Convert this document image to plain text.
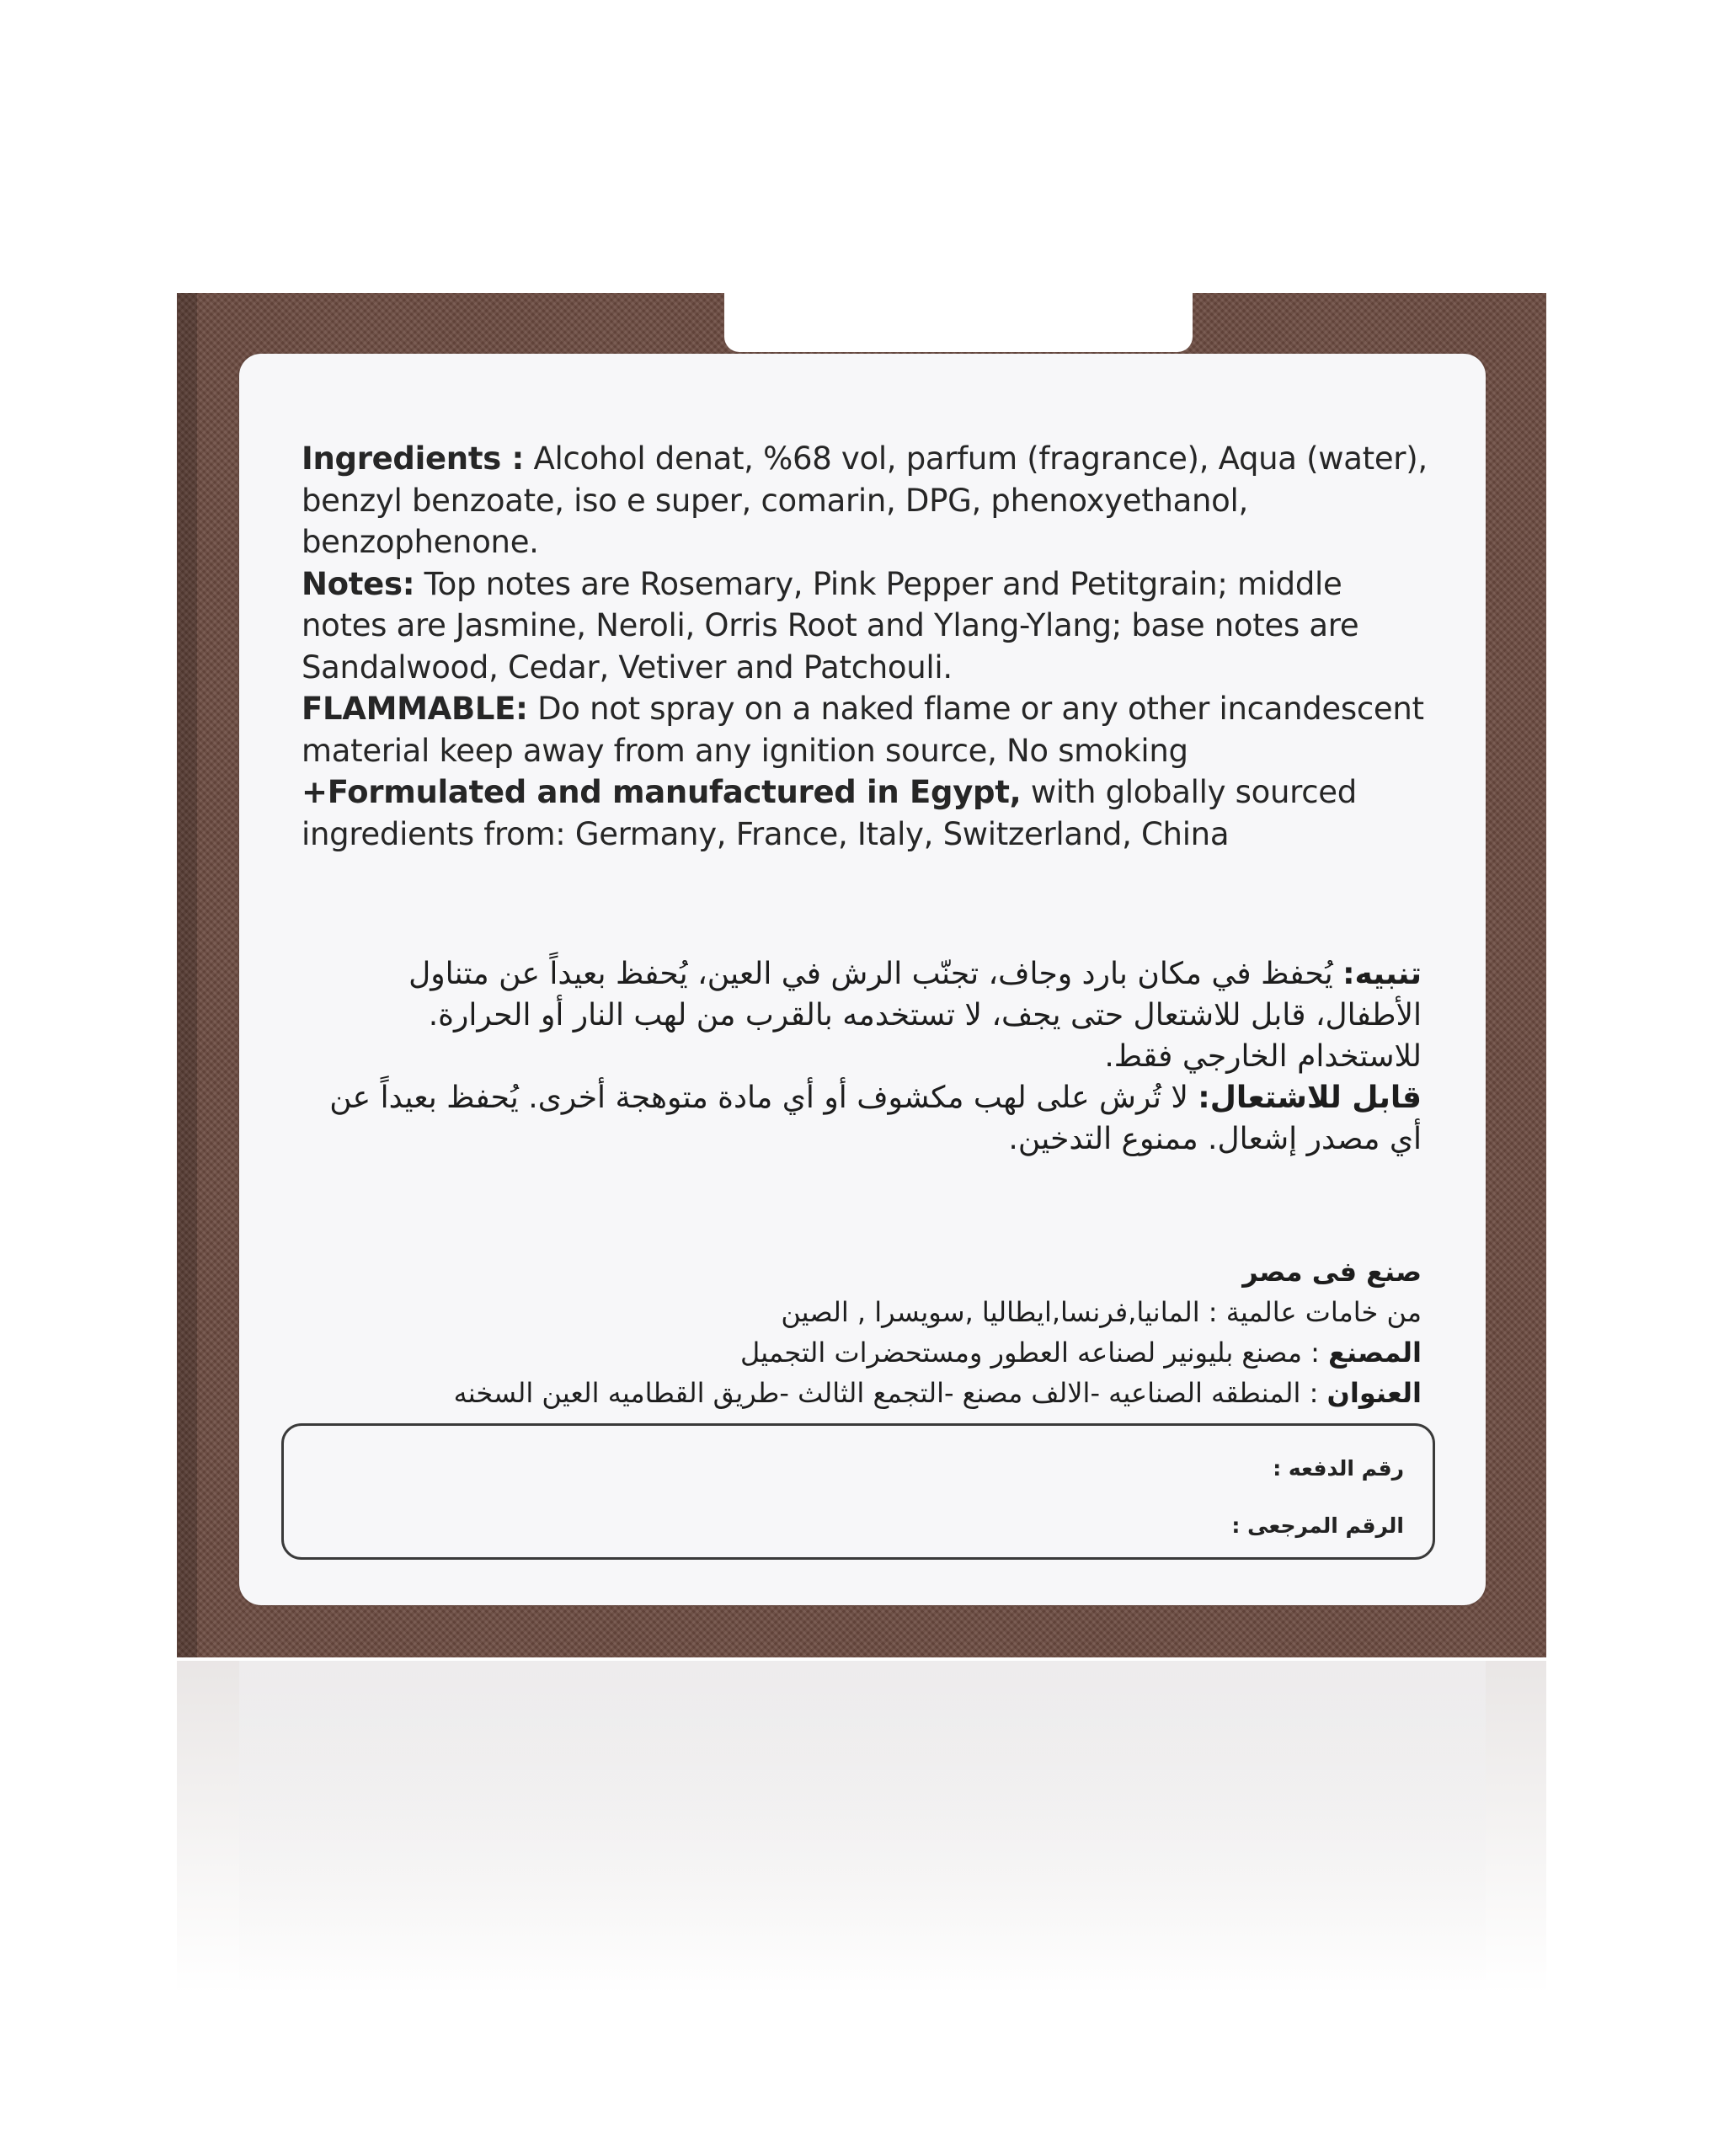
Ingredients : Alcohol denat, %68 vol, parfum (fragrance), Aqua (water), benzyl benzoate, iso e super, comarin, DPG, phenoxyethanol, benzophenone.

Notes: Top notes are Rosemary, Pink Pepper and Petitgrain; middle notes are Jasmine, Neroli, Orris Root and Ylang-Ylang; base notes are Sandalwood, Cedar, Vetiver and Patchouli.

FLAMMABLE: Do not spray on a naked flame or any other incandescent material keep away from any ignition source, No smoking

+Formulated and manufactured in Egypt, with globally sourced ingredients from: Germany, France, Italy, Switzerland, China

تنبيه: يُحفظ في مكان بارد وجاف، تجنّب الرش في العين، يُحفظ بعيداً عن متناول الأطفال، قابل للاشتعال حتى يجف، لا تستخدمه بالقرب من لهب النار أو الحرارة. للاستخدام الخارجي فقط.

قابل للاشتعال: لا تُرش على لهب مكشوف أو أي مادة متوهجة أخرى. يُحفظ بعيداً عن أي مصدر إشعال. ممنوع التدخين.

صنع فى مصر

من خامات عالمية : المانيا,فرنسا,ايطاليا ,سويسرا , الصين

المصنع : مصنع بليونير لصناعه العطور ومستحضرات التجميل

العنوان : المنطقه الصناعيه -الالف مصنع -التجمع الثالث -طريق القطاميه العين السخنه

رقم الدفعه :
الرقم المرجعى :
